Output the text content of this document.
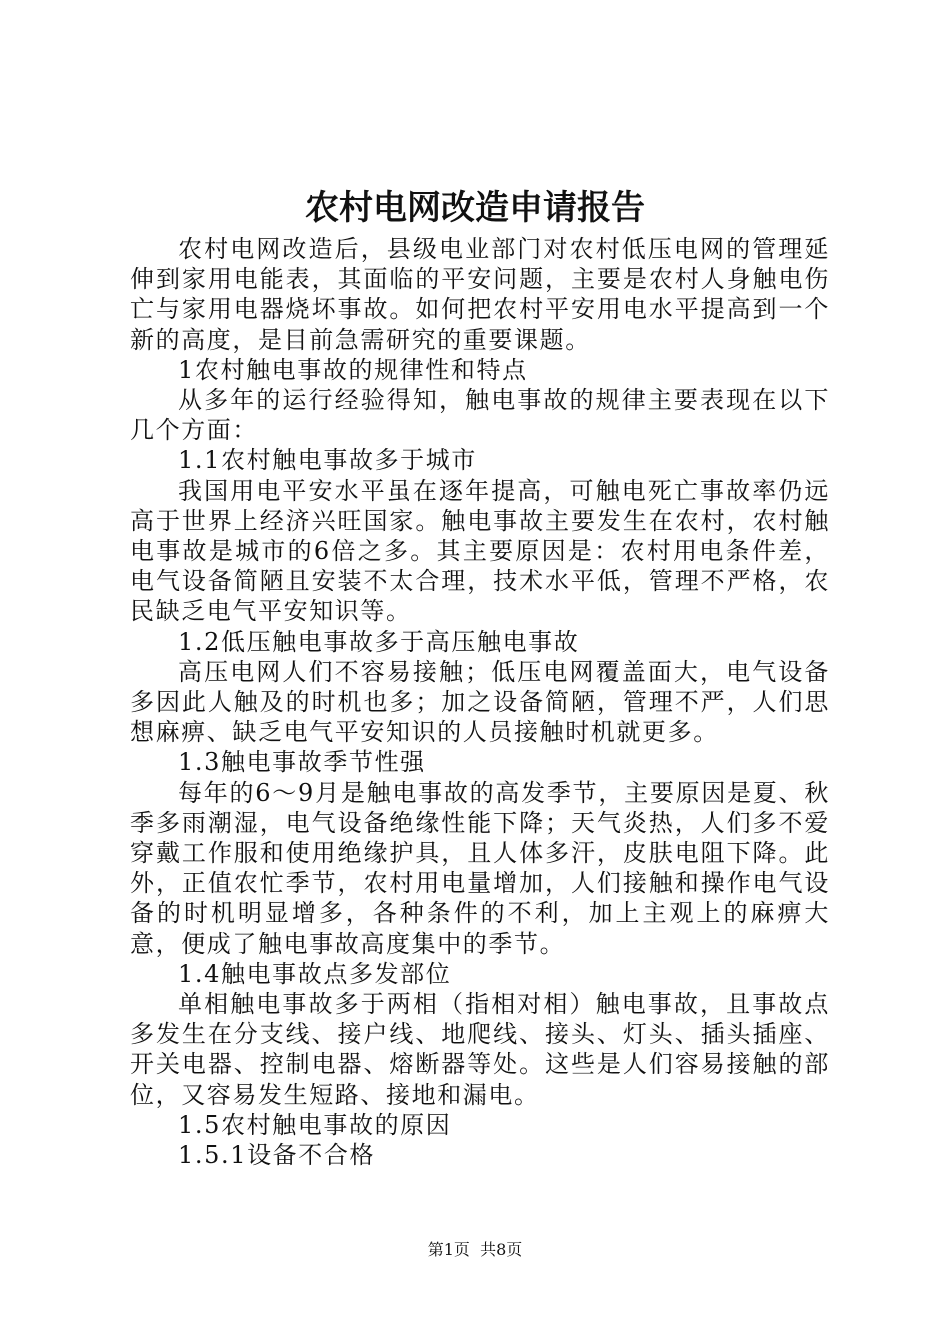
农村电网改造申请报告

农村电网改造后，县级电业部门对农村低压电网的管理延伸到家用电能表，其面临的平安问题，主要是农村人身触电伤亡与家用电器烧坏事故。如何把农村平安用电水平提高到一个新的高度，是目前急需研究的重要课题。

1农村触电事故的规律性和特点

从多年的运行经验得知，触电事故的规律主要表现在以下几个方面：

1.1农村触电事故多于城市

我国用电平安水平虽在逐年提高，可触电死亡事故率仍远高于世界上经济兴旺国家。触电事故主要发生在农村，农村触电事故是城市的6倍之多。其主要原因是：农村用电条件差，电气设备简陋且安装不太合理，技术水平低，管理不严格，农民缺乏电气平安知识等。

1.2低压触电事故多于高压触电事故

高压电网人们不容易接触；低压电网覆盖面大，电气设备多因此人触及的时机也多；加之设备简陋，管理不严，人们思想麻痹、缺乏电气平安知识的人员接触时机就更多。

1.3触电事故季节性强

每年的6～9月是触电事故的高发季节，主要原因是夏、秋季多雨潮湿，电气设备绝缘性能下降；天气炎热，人们多不爱穿戴工作服和使用绝缘护具，且人体多汗，皮肤电阻下降。此外，正值农忙季节，农村用电量增加，人们接触和操作电气设备的时机明显增多，各种条件的不利，加上主观上的麻痹大意，便成了触电事故高度集中的季节。

1.4触电事故点多发部位

单相触电事故多于两相（指相对相）触电事故，且事故点多发生在分支线、接户线、地爬线、接头、灯头、插头插座、开关电器、控制电器、熔断器等处。这些是人们容易接触的部位，又容易发生短路、接地和漏电。

1.5农村触电事故的原因

1.5.1设备不合格

第1页 共8页
